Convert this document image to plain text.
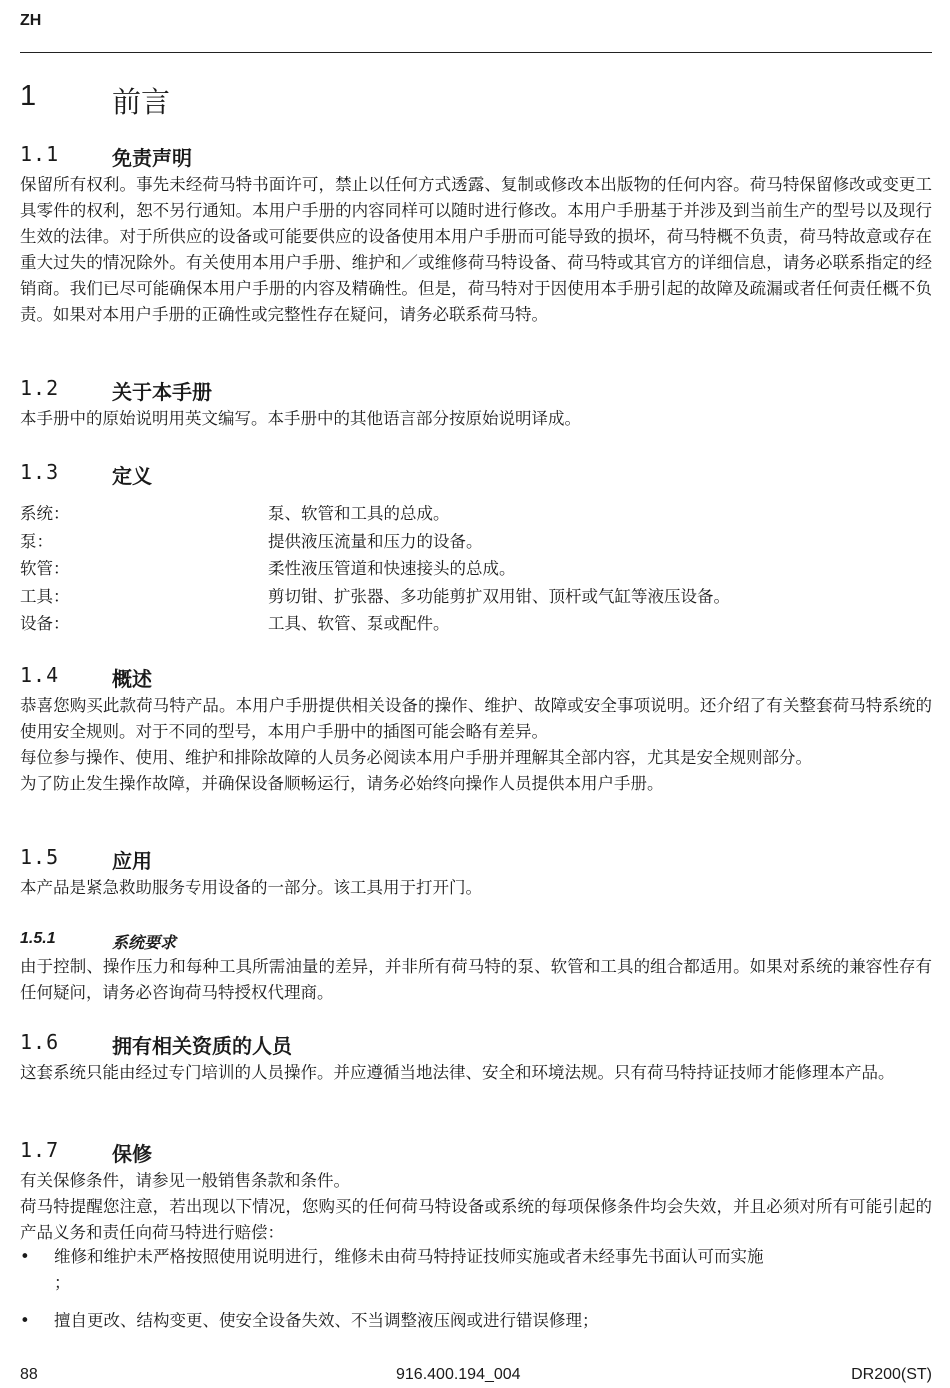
ZH
1	前言
1.1	免责声明

保留所有权利。事先未经荷马特书面许可，禁止以任何方式透露、复制或修改本出版物的任何内容。荷马特保留修改或变更工具零件的权利，恕不另行通知。本用户手册的内容同样可以随时进行修改。本用户手册基于并涉及到当前生产的型号以及现行生效的法律。对于所供应的设备或可能要供应的设备使用本用户手册而可能导致的损坏，荷马特概不负责，荷马特故意或存在重大过失的情况除外。有关使用本用户手册、维护和／或维修荷马特设备、荷马特或其官方的详细信息，请务必联系指定的经销商。我们已尽可能确保本用户手册的内容及精确性。但是，荷马特对于因使用本手册引起的故障及疏漏或者任何责任概不负责。如果对本用户手册的正确性或完整性存在疑问，请务必联系荷马特。

1.2	关于本手册

本手册中的原始说明用英文编写。本手册中的其他语言部分按原始说明译成。

1.3	定义
系统：	泵、软管和工具的总成。
泵：	提供液压流量和压力的设备。
软管：	柔性液压管道和快速接头的总成。
工具：	剪切钳、扩张器、多功能剪扩双用钳、顶杆或气缸等液压设备。
设备：	工具、软管、泵或配件。
1.4	概述

恭喜您购买此款荷马特产品。本用户手册提供相关设备的操作、维护、故障或安全事项说明。还介绍了有关整套荷马特系统的使用安全规则。对于不同的型号，本用户手册中的插图可能会略有差异。

每位参与操作、使用、维护和排除故障的人员务必阅读本用户手册并理解其全部内容，尤其是安全规则部分。

为了防止发生操作故障，并确保设备顺畅运行，请务必始终向操作人员提供本用户手册。

1.5	应用

本产品是紧急救助服务专用设备的一部分。该工具用于打开门。

1.5.1	系统要求

由于控制、操作压力和每种工具所需油量的差异，并非所有荷马特的泵、软管和工具的组合都适用。如果对系统的兼容性存有任何疑问，请务必咨询荷马特授权代理商。

1.6	拥有相关资质的人员

这套系统只能由经过专门培训的人员操作。并应遵循当地法律、安全和环境法规。只有荷马特持证技师才能修理本产品。

1.7	保修

有关保修条件，请参见一般销售条款和条件。

荷马特提醒您注意，若出现以下情况，您购买的任何荷马特设备或系统的每项保修条件均会失效，并且必须对所有可能引起的产品义务和责任向荷马特进行赔偿：

• 维修和维护未严格按照使用说明进行，维修未由荷马特持证技师实施或者未经事先书面认可而实施
；
• 擅自更改、结构变更、使安全设备失效、不当调整液压阀或进行错误修理；
88	916.400.194_004	DR200(ST)
